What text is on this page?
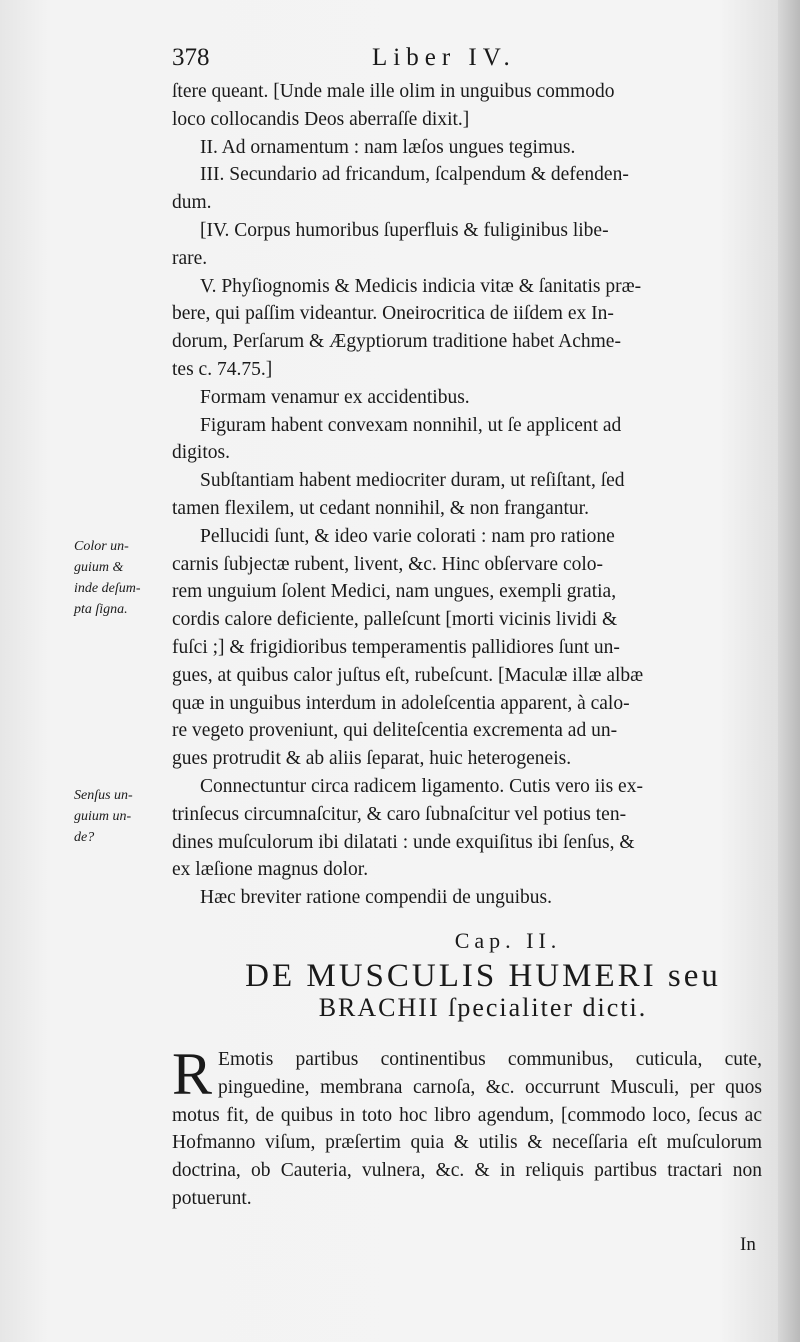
378	Liber IV.

ſtere queant. [Unde male ille olim in unguibus commodo

loco collocandis Deos aberraſſe dixit.]

II. Ad ornamentum : nam læſos ungues tegimus.

III. Secundario ad fricandum, ſcalpendum & defenden-

dum.

[IV. Corpus humoribus ſuperfluis & fuliginibus libe-

rare.

V. Phyſiognomis & Medicis indicia vitæ & ſanitatis præ-

bere, qui paſſim videantur. Oneirocritica de iiſdem ex In-

dorum, Perſarum & Ægyptiorum traditione habet Achme-

tes c. 74.75.]

Formam venamur ex accidentibus.

Figuram habent convexam nonnihil, ut ſe applicent ad

digitos.

Subſtantiam habent mediocriter duram, ut reſiſtant, ſed

tamen flexilem, ut cedant nonnihil, & non frangantur.

Pellucidi ſunt, & ideo varie colorati : nam pro ratione

carnis ſubjectæ rubent, livent, &c. Hinc obſervare colo-

rem unguium ſolent Medici, nam ungues, exempli gratia,

cordis calore deficiente, palleſcunt [morti vicinis lividi &

fuſci ;] & frigidioribus temperamentis pallidiores ſunt un-

gues, at quibus calor juſtus eſt, rubeſcunt. [Maculæ illæ albæ

quæ in unguibus interdum in adoleſcentia apparent, à calo-

re vegeto proveniunt, qui deliteſcentia excrementa ad un-

gues protrudit & ab aliis ſeparat, huic heterogeneis.

Connectuntur circa radicem ligamento. Cutis vero iis ex-

trinſecus circumnaſcitur, & caro ſubnaſcitur vel potius ten-

dines muſculorum ibi dilatati : unde exquiſitus ibi ſenſus, &

ex læſione magnus dolor.

Hæc breviter ratione compendii de unguibus.

Color un-
guium &
inde deſum-
pta ſigna.
Senſus un-
guium un-
de?
Cap. II.
DE MUSCULIS HUMERI seu
BRACHII ſpecialiter dicti.

R Emotis partibus continentibus communibus, cuticula, cute, pinguedine, membrana carnoſa, &c. occurrunt Musculi, per quos motus fit, de quibus in toto hoc libro agendum, [commodo loco, ſecus ac Hofmanno viſum, præſertim quia & utilis & neceſſaria eſt muſculorum doctrina, ob Cauteria, vulnera, &c. & in reliquis partibus tractari non potuerunt.

In
